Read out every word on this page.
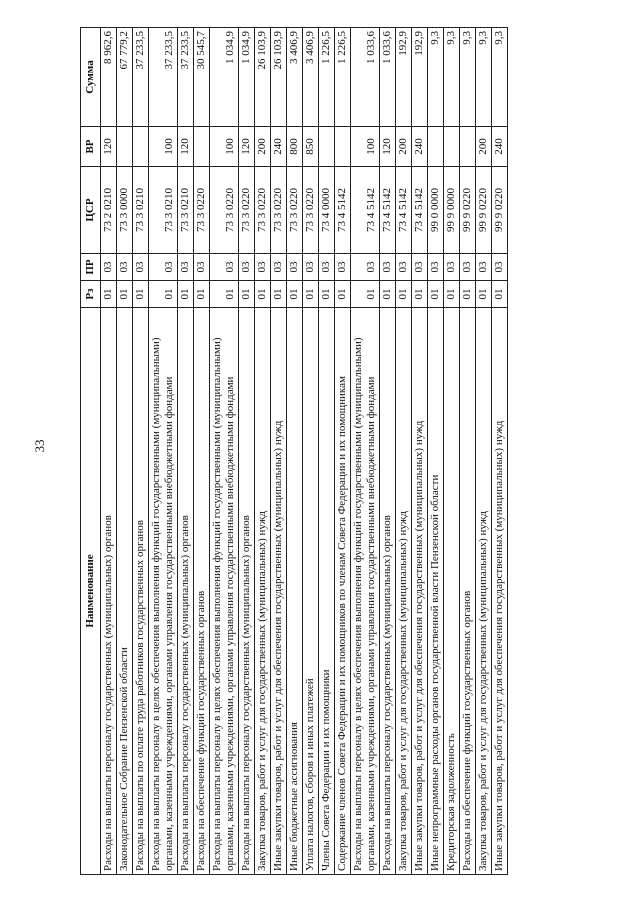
33
Наименование	Рз	ПР	ЦСР	ВР	Сумма
Расходы на выплаты персоналу государственных (муниципальных) органов	01	03	73 2 0210	120	8 962,6
Законодательное Собрание Пензенской области	01	03	73 3 0000		67 779,2
Расходы на выплаты по оплате труда работников государственных органов	01	03	73 3 0210		37 233,5
Расходы на выплаты персоналу в целях обеспечения выполнения функций государственными (муниципальными) органами, казенными учреждениями, органами управления государственными внебюджетными фондами	01	03	73 3 0210	100	37 233,5
Расходы на выплаты персоналу государственных (муниципальных) органов	01	03	73 3 0210	120	37 233,5
Расходы на обеспечение функций государственных органов	01	03	73 3 0220		30 545,7
Расходы на выплаты персоналу в целях обеспечения выполнения функций государственными (муниципальными) органами, казенными учреждениями, органами управления государственными внебюджетными фондами	01	03	73 3 0220	100	1 034,9
Расходы на выплаты персоналу государственных (муниципальных) органов	01	03	73 3 0220	120	1 034,9
Закупка товаров, работ и услуг для государственных (муниципальных) нужд	01	03	73 3 0220	200	26 103,9
Иные закупки товаров, работ и услуг для обеспечения государственных (муниципальных) нужд	01	03	73 3 0220	240	26 103,9
Иные бюджетные ассигнования	01	03	73 3 0220	800	3 406,9
Уплата налогов, сборов и иных платежей	01	03	73 3 0220	850	3 406,9
Члены Совета Федерации и их помощники	01	03	73 4 0000		1 226,5
Содержание членов Совета Федерации и их помощников по членам Совета Федерации и их помощникам	01	03	73 4 5142		1 226,5
Расходы на выплаты персоналу в целях обеспечения выполнения функций государственными (муниципальными) органами, казенными учреждениями, органами управления государственными внебюджетными фондами	01	03	73 4 5142	100	1 033,6
Расходы на выплаты персоналу государственных (муниципальных) органов	01	03	73 4 5142	120	1 033,6
Закупка товаров, работ и услуг для государственных (муниципальных) нужд	01	03	73 4 5142	200	192,9
Иные закупки товаров, работ и услуг для обеспечения государственных (муниципальных) нужд	01	03	73 4 5142	240	192,9
Иные непрограммные расходы органов государственной власти Пензенской области	01	03	99 0 0000		9,3
Кредиторская задолженность	01	03	99 9 0000		9,3
Расходы на обеспечение функций государственных органов	01	03	99 9 0220		9,3
Закупка товаров, работ и услуг для государственных (муниципальных) нужд	01	03	99 9 0220	200	9,3
Иные закупки товаров, работ и услуг для обеспечения государственных (муниципальных) нужд	01	03	99 9 0220	240	9,3
